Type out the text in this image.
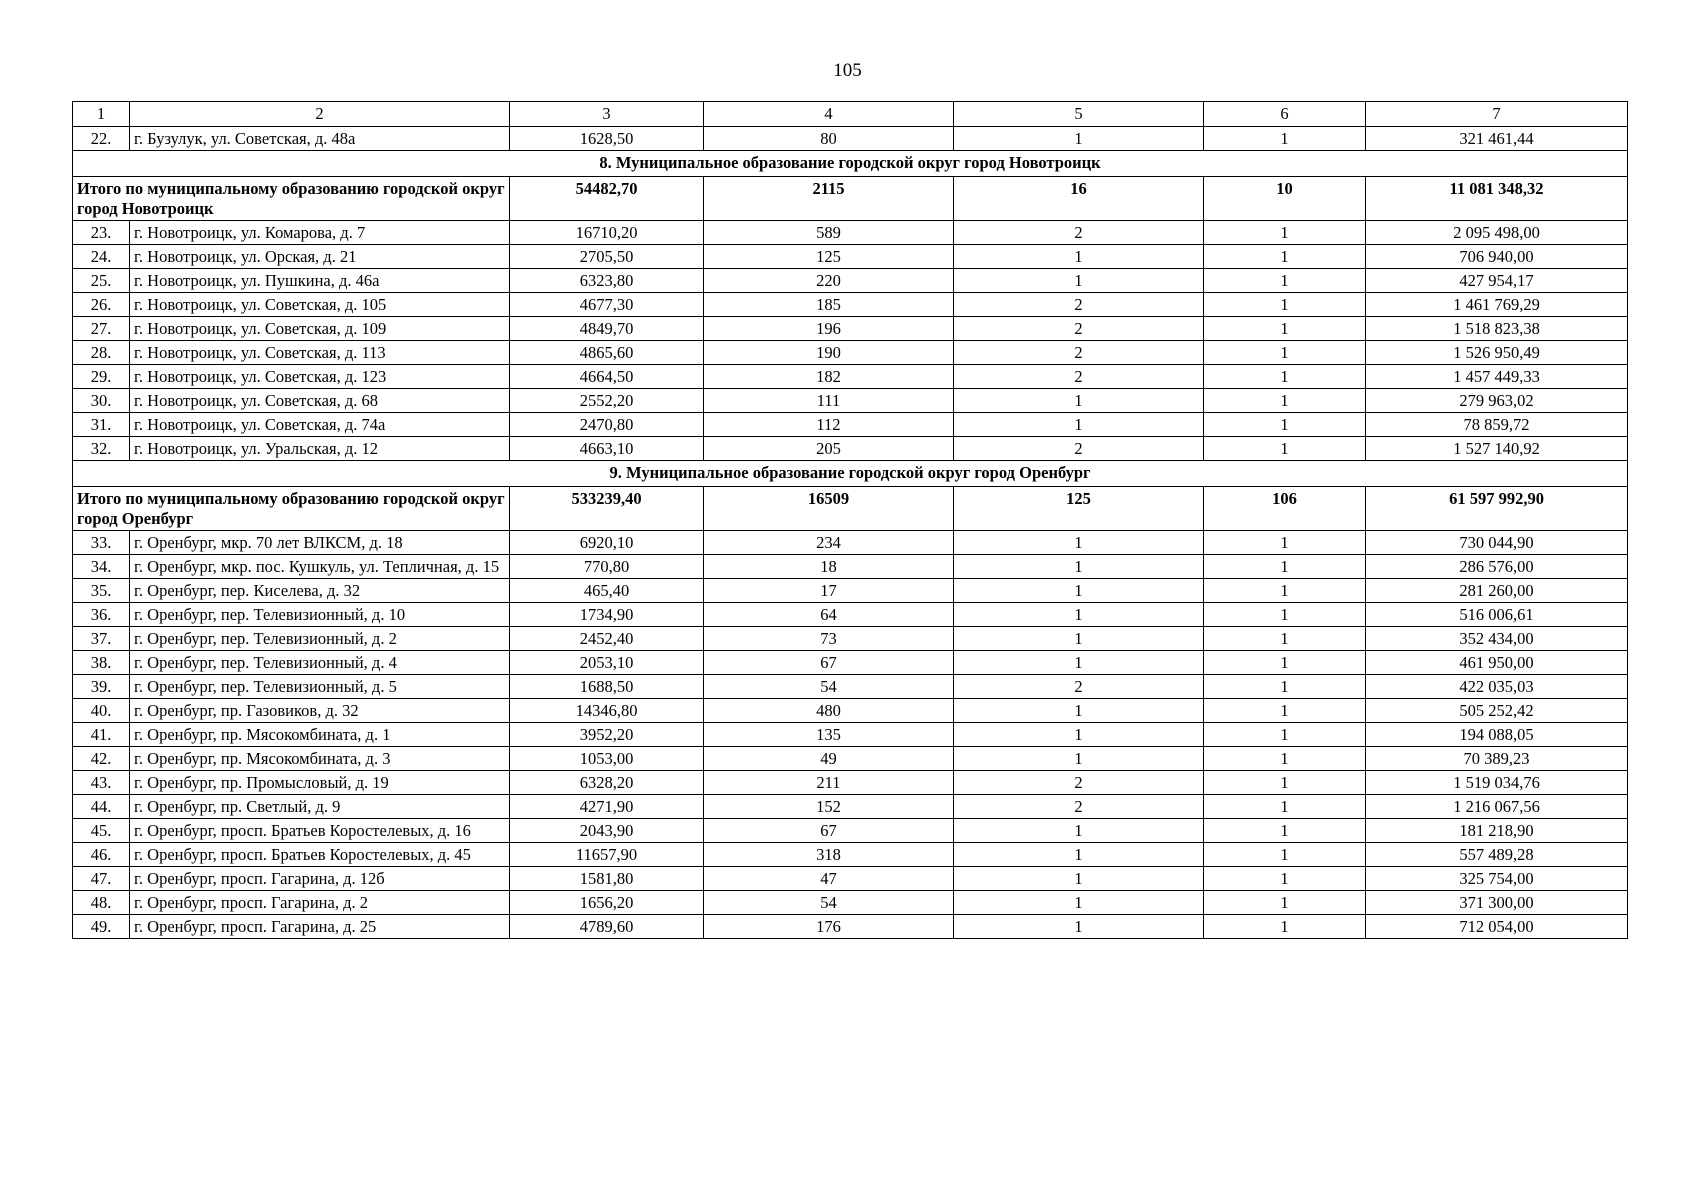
105
1	2	3	4	5	6	7
22.	г. Бузулук, ул. Советская, д. 48а	1628,50	80	1	1	321 461,44
8. Муниципальное образование городской округ город Новотроицк						
Итого по муниципальному образованию городской округ город Новотроицк		54482,70	2115	16	10	11 081 348,32
23.	г. Новотроицк, ул. Комарова, д. 7	16710,20	589	2	1	2 095 498,00
24.	г. Новотроицк, ул. Орская, д. 21	2705,50	125	1	1	706 940,00
25.	г. Новотроицк, ул. Пушкина, д. 46а	6323,80	220	1	1	427 954,17
26.	г. Новотроицк, ул. Советская, д. 105	4677,30	185	2	1	1 461 769,29
27.	г. Новотроицк, ул. Советская, д. 109	4849,70	196	2	1	1 518 823,38
28.	г. Новотроицк, ул. Советская, д. 113	4865,60	190	2	1	1 526 950,49
29.	г. Новотроицк, ул. Советская, д. 123	4664,50	182	2	1	1 457 449,33
30.	г. Новотроицк, ул. Советская, д. 68	2552,20	111	1	1	279 963,02
31.	г. Новотроицк, ул. Советская, д. 74а	2470,80	112	1	1	78 859,72
32.	г. Новотроицк, ул. Уральская, д. 12	4663,10	205	2	1	1 527 140,92
9. Муниципальное образование городской округ город Оренбург						
Итого по муниципальному образованию городской округ город Оренбург		533239,40	16509	125	106	61 597 992,90
33.	г. Оренбург, мкр. 70 лет ВЛКСМ, д. 18	6920,10	234	1	1	730 044,90
34.	г. Оренбург, мкр. пос. Кушкуль, ул. Тепличная, д. 15	770,80	18	1	1	286 576,00
35.	г. Оренбург, пер. Киселева, д. 32	465,40	17	1	1	281 260,00
36.	г. Оренбург, пер. Телевизионный, д. 10	1734,90	64	1	1	516 006,61
37.	г. Оренбург, пер. Телевизионный, д. 2	2452,40	73	1	1	352 434,00
38.	г. Оренбург, пер. Телевизионный, д. 4	2053,10	67	1	1	461 950,00
39.	г. Оренбург, пер. Телевизионный, д. 5	1688,50	54	2	1	422 035,03
40.	г. Оренбург, пр. Газовиков, д. 32	14346,80	480	1	1	505 252,42
41.	г. Оренбург, пр. Мясокомбината, д. 1	3952,20	135	1	1	194 088,05
42.	г. Оренбург, пр. Мясокомбината, д. 3	1053,00	49	1	1	70 389,23
43.	г. Оренбург, пр. Промысловый, д. 19	6328,20	211	2	1	1 519 034,76
44.	г. Оренбург, пр. Светлый, д. 9	4271,90	152	2	1	1 216 067,56
45.	г. Оренбург, просп. Братьев Коростелевых, д. 16	2043,90	67	1	1	181 218,90
46.	г. Оренбург, просп. Братьев Коростелевых, д. 45	11657,90	318	1	1	557 489,28
47.	г. Оренбург, просп. Гагарина, д. 12б	1581,80	47	1	1	325 754,00
48.	г. Оренбург, просп. Гагарина, д. 2	1656,20	54	1	1	371 300,00
49.	г. Оренбург, просп. Гагарина, д. 25	4789,60	176	1	1	712 054,00
